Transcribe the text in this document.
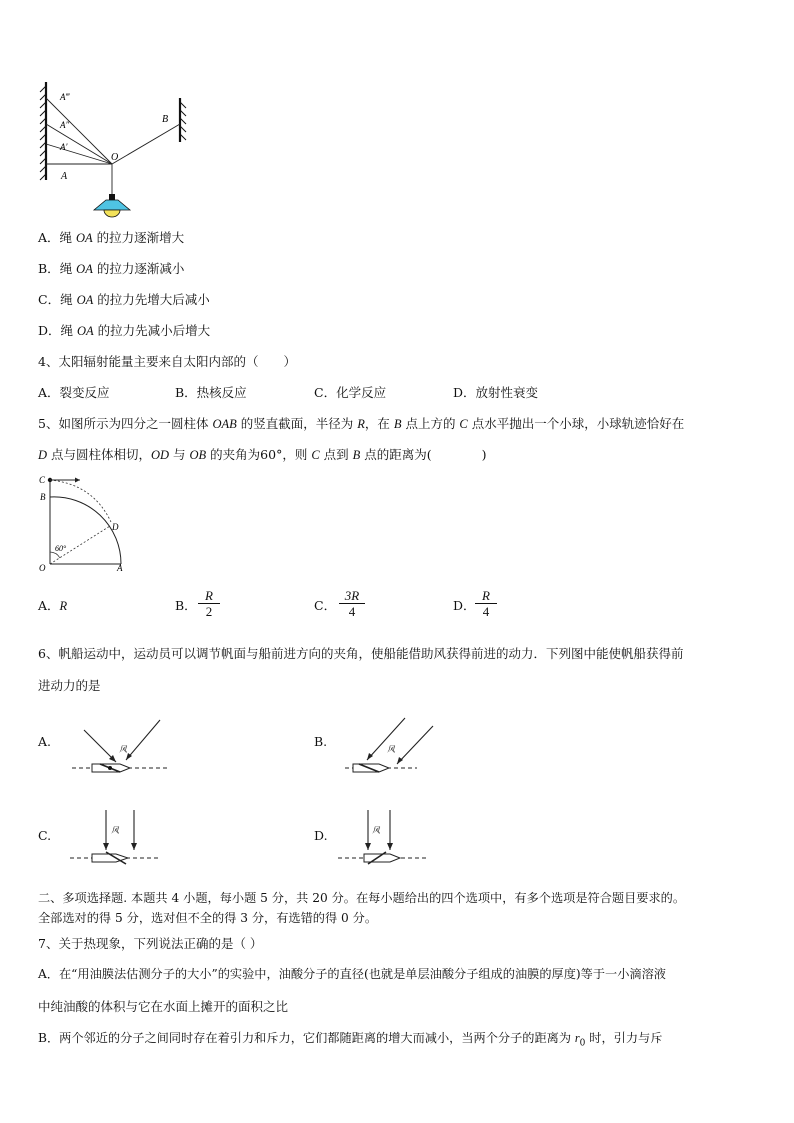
A‴
A″
A′
A
O
B
A．绳 OA 的拉力逐渐增大
B．绳 OA 的拉力逐渐减小
C．绳 OA 的拉力先增大后减小
D．绳 OA 的拉力先减小后增大
4、太阳辐射能量主要来自太阳内部的（　　）
A．裂变反应	B．热核反应	C．化学反应	D．放射性衰变
5、如图所示为四分之一圆柱体 OAB 的竖直截面，半径为 R，在 B 点上方的 C 点水平抛出一个小球，小球轨迹恰好在
D 点与圆柱体相切，OD 与 OB 的夹角为60°，则 C 点到 B 点的距离为(　　　　)
C
B
D
O	A
60°
A．R	B． $\frac{R}{2}$	C． $\frac{3R}{4}$	D． $\frac{R}{4}$
6、帆船运动中，运动员可以调节帆面与船前进方向的夹角，使船能借助风获得前进的动力．下列图中能使帆船获得前
进动力的是
A.	B.
C.	D.
风	风
风	风
二、多项选择题. 本题共 4 小题，每小题 5 分，共 20 分。在每小题给出的四个选项中，有多个选项是符合题目要求的。
全部选对的得 5 分，选对但不全的得 3 分，有选错的得 0 分。
7、关于热现象，下列说法正确的是（ ）
A．在“用油膜法估测分子的大小”的实验中，油酸分子的直径(也就是单层油酸分子组成的油膜的厚度)等于一小滴溶液
中纯油酸的体积与它在水面上摊开的面积之比
B．两个邻近的分子之间同时存在着引力和斥力，它们都随距离的增大而减小，当两个分子的距离为 $r_0$ 时，引力与斥
